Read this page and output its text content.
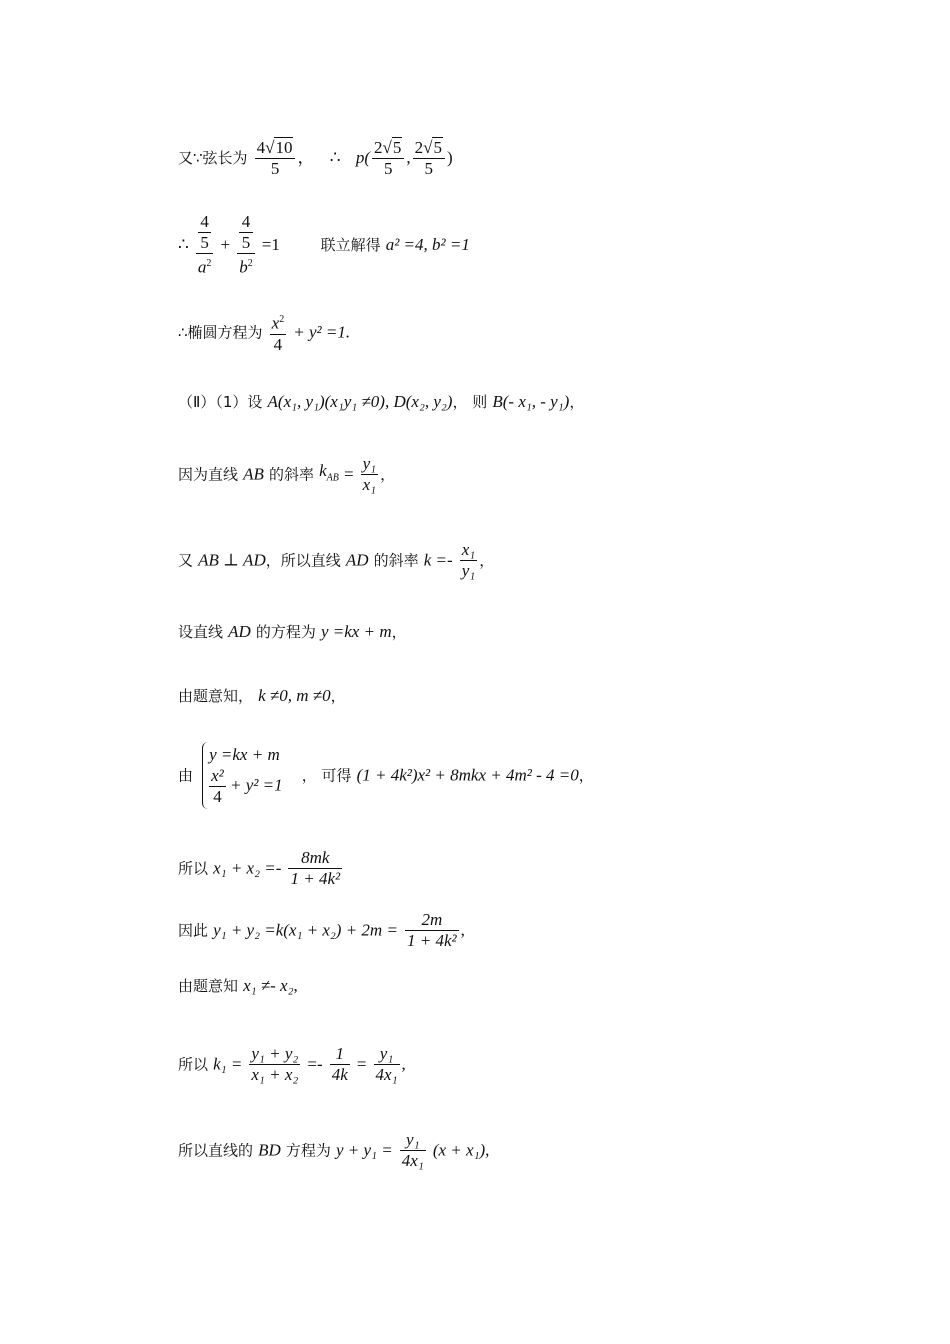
又∵弦长为 $\frac{4√10}{5}$ ， ∴ $p( \frac{2√5}{5}$ , $\frac{2√5}{5}$ )
∴ 4
5
$a^2 + 4$
5
$b^2 =1$	联立解得 a² =4, b² =1
∴椭圆方程为 $\frac{x^2}{4} + y^2 =1$.
（Ⅱ）（1）设 A(x₁, y₁)(x₁y₁ ≠0), D(x₂, y₂)， 则 B(- x₁, - y₁)，
因为直线 AB 的斜率 $k_{AB} = \frac{\text{y₁}}{\text{x₁}}$ ，
又 AB ⊥ AD，所以直线 AD 的斜率 $k =- \frac{\text{x₁}}{\text{y₁}}$ ，
设直线 AD 的方程为 y =kx + m，
由题意知， k ≠0, m ≠0，
由
y =kx + m
$\frac{\text{x²}}{4} + y^2 =1$ ， 可得 (1 + 4k²)x² + 8mkx + 4m² - 4 =0，
所以 $x_1 + x_2 =- \frac{8mk}{\text{1 + 4k²}}$
因此 $y_1 + y_2 =k(x_1 + x_2) + 2m = \frac{2m}{\text{1 + 4k²}}$ ,
由题意知 x₁ ≠- x₂,
所以 $k_1 = \frac{\text{y₁ + y₂}}{\text{x₁ + x₂}} =- \frac{1}{4k} = \frac{\text{y₁}}{\text{4x₁}}$ ,
所以直线的 BD 方程为 $y + y_1 = \frac{\text{y₁}}{\text{4x₁}} (x + x_1)$,
